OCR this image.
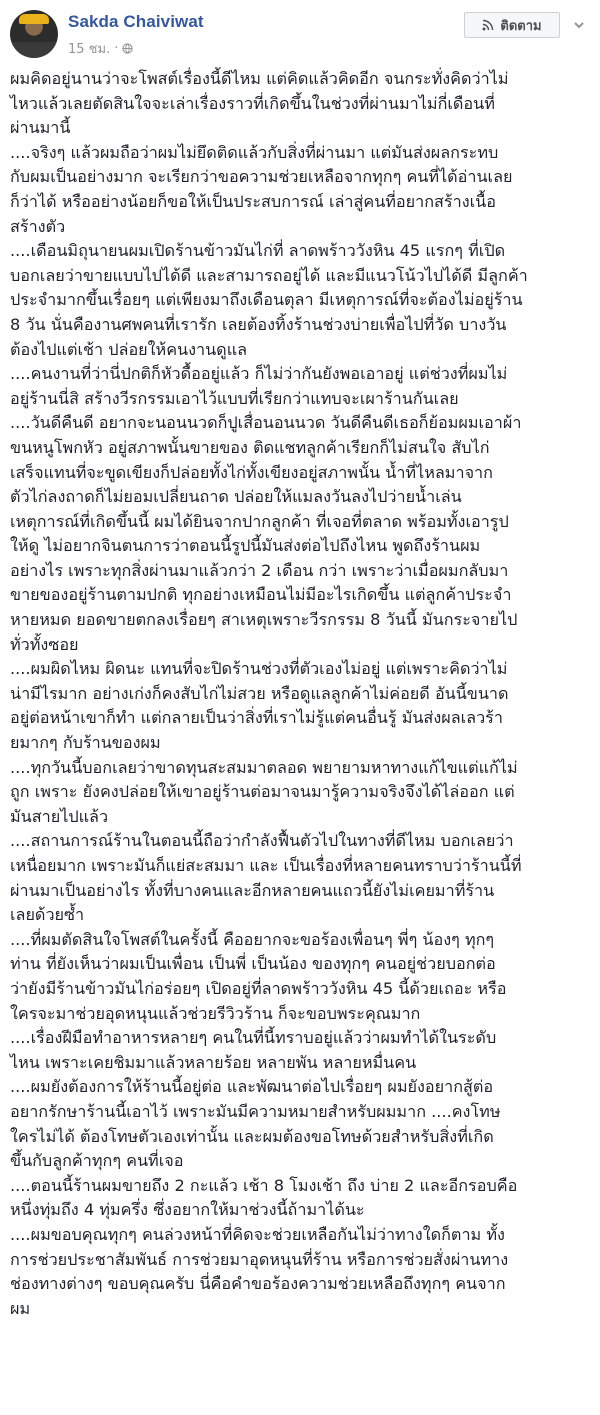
Sakda Chaiviwat
15 ชม. ·
ติดตาม

ผมคิดอยู่นานว่าจะโพสต์เรื่องนี้ดีไหม แต่คิดแล้วคิดอีก จนกระทั่งคิดว่าไม่
ไหวแล้วเลยตัดสินใจจะเล่าเรื่องราวที่เกิดขึ้นในช่วงที่ผ่านมาไม่กี่เดือนที่
ผ่านมานี้

....จริงๆ แล้วผมถือว่าผมไม่ยึดติดแล้วกับสิ่งที่ผ่านมา แต่มันส่งผลกระทบ
กับผมเป็นอย่างมาก จะเรียกว่าขอความช่วยเหลือจากทุกๆ คนที่ได้อ่านเลย
ก็ว่าได้ หรืออย่างน้อยก็ขอให้เป็นประสบการณ์ เล่าสู่คนที่อยากสร้างเนื้อ
สร้างตัว

....เดือนมิถุนายนผมเปิดร้านข้าวมันไก่ที่ ลาดพร้าววังหิน 45 แรกๆ ที่เปิด
บอกเลยว่าขายแบบไปได้ดี และสามารถอยู่ได้ และมีแนวโน้วไปได้ดี มีลูกค้า
ประจำมากขึ้นเรื่อยๆ แต่เพียงมาถึงเดือนตุลา มีเหตุการณ์ที่จะต้องไม่อยู่ร้าน
8 วัน นั่นคืองานศพคนที่เรารัก เลยต้องทิ้งร้านช่วงบ่ายเพื่อไปที่วัด บางวัน
ต้องไปแต่เช้า ปล่อยให้คนงานดูแล

....คนงานที่ว่านี่ปกติก็หัวดื้ออยู่แล้ว ก็ไม่ว่ากันยังพอเอาอยู่ แต่ช่วงที่ผมไม่
อยู่ร้านนี่สิ สร้างวีรกรรมเอาไว้แบบที่เรียกว่าแทบจะเผาร้านกันเลย

....วันดีคืนดี อยากจะนอนนวดก็ปูเสื่อนอนนวด วันดีคืนดีเธอก็ย้อมผมเอาผ้า
ขนหนูโพกหัว อยู่สภาพนั้นขายของ ติดแชทลูกค้าเรียกก็ไม่สนใจ สับไก่
เสร็จแทนที่จะขูดเขียงก็ปล่อยทั้งไก่ทั้งเขียงอยู่สภาพนั้น น้ำที่ไหลมาจาก
ตัวไก่ลงถาดก็ไม่ยอมเปลี่ยนถาด ปล่อยให้แมลงวันลงไปว่ายน้ำเล่น
เหตุการณ์ที่เกิดขึ้นนี้ ผมได้ยินจากปากลูกค้า ที่เจอที่ตลาด พร้อมทั้งเอารูป
ให้ดู ไม่อยากจินตนการว่าตอนนี้รูปนี้มันส่งต่อไปถึงไหน พูดถึงร้านผม
อย่างไร เพราะทุกสิ่งผ่านมาแล้วกว่า 2 เดือน กว่า เพราะว่าเมื่อผมกลับมา
ขายของอยู่ร้านตามปกติ ทุกอย่างเหมือนไม่มีอะไรเกิดขึ้น แต่ลูกค้าประจำ
หายหมด ยอดขายตกลงเรื่อยๆ สาเหตุเพราะวีรกรรม 8 วันนี้ มันกระจายไป
ทั่วทั้งซอย

....ผมผิดไหม ผิดนะ แทนที่จะปิดร้านช่วงที่ตัวเองไม่อยู่ แต่เพราะคิดว่าไม่
น่ามีไรมาก อย่างเก่งก็คงสับไก่ไม่สวย หรือดูแลลูกค้าไม่ค่อยดี อันนี้ขนาด
อยู่ต่อหน้าเขาก็ทำ แต่กลายเป็นว่าสิ่งที่เราไม่รู้แต่คนอื่นรู้ มันส่งผลเลวร้า
ยมากๆ กับร้านของผม

....ทุกวันนี้บอกเลยว่าขาดทุนสะสมมาตลอด พยายามหาทางแก้ไขแต่แก้ไม่
ถูก เพราะ ยังคงปล่อยให้เขาอยู่ร้านต่อมาจนมารู้ความจริงจึงได้ไล่ออก แต่
มันสายไปแล้ว

....สถานการณ์ร้านในตอนนี้ถือว่ากำลังฟื้นตัวไปในทางที่ดีไหม บอกเลยว่า
เหนื่อยมาก เพราะมันก็แย่สะสมมา และ เป็นเรื่องที่หลายคนทราบว่าร้านนี้ที่
ผ่านมาเป็นอย่างไร ทั้งที่บางคนและอีกหลายคนแถวนี้ยังไม่เคยมาที่ร้าน
เลยด้วยซ้ำ

....ที่ผมตัดสินใจโพสต์ในครั้งนี้ คืออยากจะขอร้องเพื่อนๆ พี่ๆ น้องๆ ทุกๆ
ท่าน ที่ยังเห็นว่าผมเป็นเพื่อน เป็นพี่ เป็นน้อง ของทุกๆ คนอยู่ช่วยบอกต่อ
ว่ายังมีร้านข้าวมันไก่อร่อยๆ เปิดอยู่ที่ลาดพร้าววังหิน 45 นี้ด้วยเถอะ หรือ
ใครจะมาช่วยอุดหนุนแล้วช่วยรีวิวร้าน ก็จะขอบพระคุณมาก

....เรื่องฝีมือทำอาหารหลายๆ คนในที่นี้ทราบอยู่แล้วว่าผมทำได้ในระดับ
ไหน เพราะเคยชิมมาแล้วหลายร้อย หลายพัน หลายหมื่นคน

....ผมยังต้องการให้ร้านนี้อยู่ต่อ และพัฒนาต่อไปเรื่อยๆ ผมยังอยากสู้ต่อ
อยากรักษาร้านนี้เอาไว้ เพราะมันมีความหมายสำหรับผมมาก ....คงโทษ
ใครไม่ได้ ต้องโทษตัวเองเท่านั้น และผมต้องขอโทษด้วยสำหรับสิ่งที่เกิด
ขึ้นกับลูกค้าทุกๆ คนที่เจอ

....ตอนนี้ร้านผมขายถึง 2 กะแล้ว เช้า 8 โมงเช้า ถึง บ่าย 2 และอีกรอบคือ
หนึ่งทุ่มถึง 4 ทุ่มครึ่ง ซึ่งอยากให้มาช่วงนี้ถ้ามาได้นะ

....ผมขอบคุณทุกๆ คนล่วงหน้าที่คิดจะช่วยเหลือกันไม่ว่าทางใดก็ตาม ทั้ง
การช่วยประชาสัมพันธ์ การช่วยมาอุดหนุนที่ร้าน หรือการช่วยสั่งผ่านทาง
ช่องทางต่างๆ ขอบคุณครับ นี่คือคำขอร้องความช่วยเหลือถึงทุกๆ คนจาก
ผม
